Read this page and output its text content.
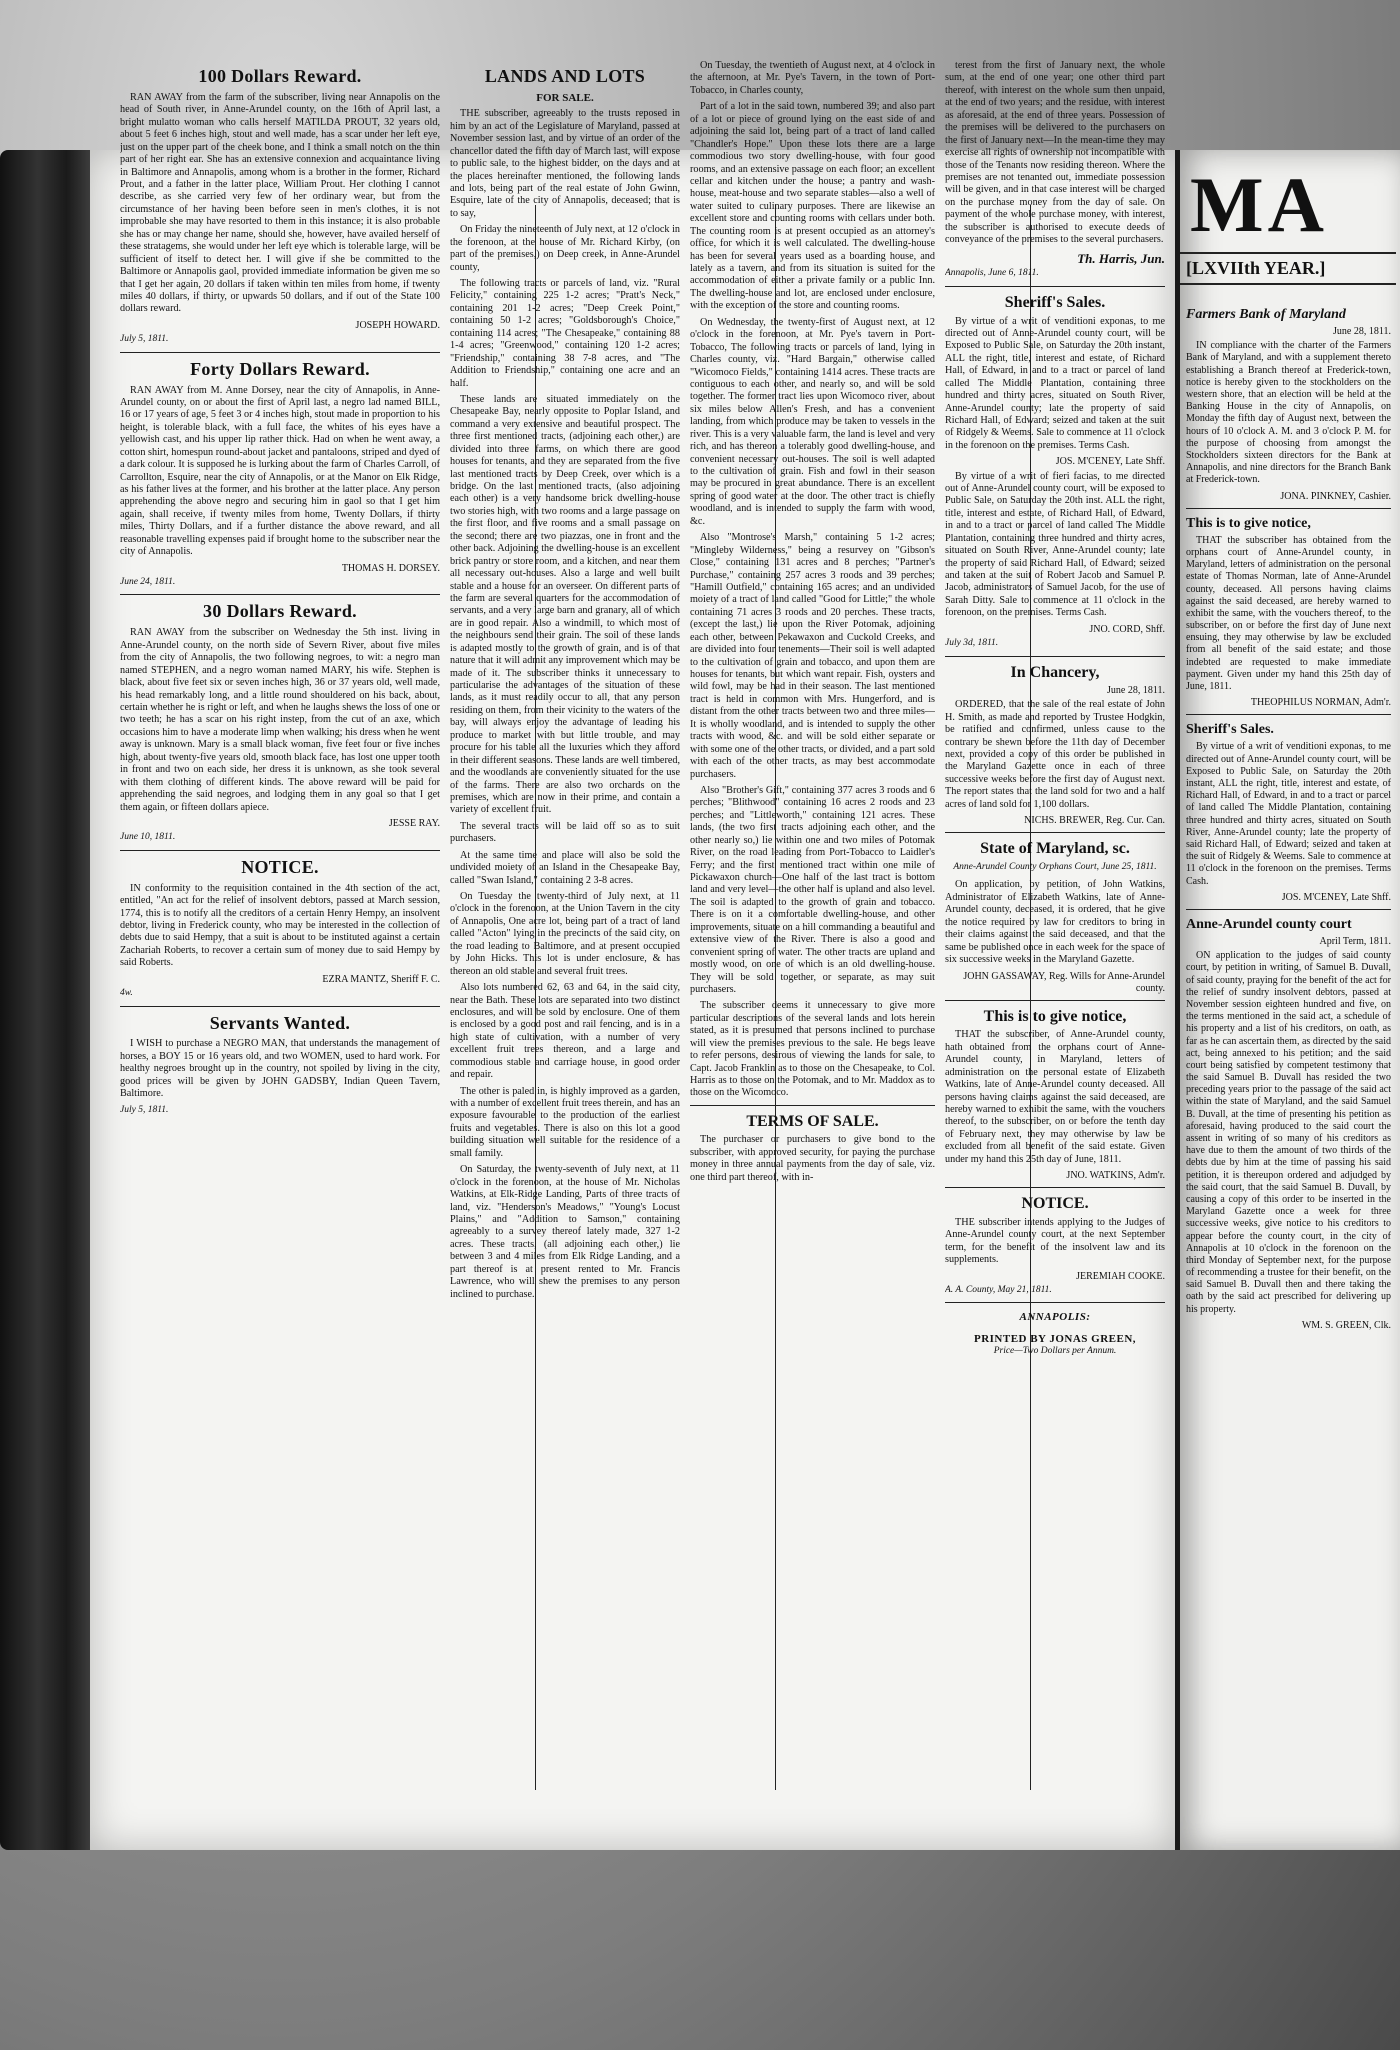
100 Dollars Reward.

RAN AWAY from the farm of the subscriber, living near Annapolis on the head of South river, in Anne-Arundel county, on the 16th of April last, a bright mulatto woman who calls herself MATILDA PROUT, 32 years old, about 5 feet 6 inches high, stout and well made, has a scar under her left eye, just on the upper part of the cheek bone, and I think a small notch on the thin part of her right ear. She has an extensive connexion and acquaintance living in Baltimore and Annapolis, among whom is a brother in the former, Richard Prout, and a father in the latter place, William Prout. Her clothing I cannot describe, as she carried very few of her ordinary wear, but from the circumstance of her having been before seen in men's clothes, it is not improbable she may have resorted to them in this instance; it is also probable she has or may change her name, should she, however, have availed herself of these stratagems, she would under her left eye which is tolerable large, will be sufficient of itself to detect her. I will give if she be committed to the Baltimore or Annapolis gaol, provided immediate information be given me so that I get her again, 20 dollars if taken within ten miles from home, if twenty miles 40 dollars, if thirty, or upwards 50 dollars, and if out of the State 100 dollars reward.

JOSEPH HOWARD.
July 5, 1811.
Forty Dollars Reward.

RAN AWAY from M. Anne Dorsey, near the city of Annapolis, in Anne-Arundel county, on or about the first of April last, a negro lad named BILL, 16 or 17 years of age, 5 feet 3 or 4 inches high, stout made in proportion to his height, is tolerable black, with a full face, the whites of his eyes have a yellowish cast, and his upper lip rather thick. Had on when he went away, a cotton shirt, homespun round-about jacket and pantaloons, striped and dyed of a dark colour. It is supposed he is lurking about the farm of Charles Carroll, of Carrollton, Esquire, near the city of Annapolis, or at the Manor on Elk Ridge, as his father lives at the former, and his brother at the latter place. Any person apprehending the above negro and securing him in gaol so that I get him again, shall receive, if twenty miles from home, Twenty Dollars, if thirty miles, Thirty Dollars, and if a further distance the above reward, and all reasonable travelling expenses paid if brought home to the subscriber near the city of Annapolis.

THOMAS H. DORSEY.
June 24, 1811.
30 Dollars Reward.

RAN AWAY from the subscriber on Wednesday the 5th inst. living in Anne-Arundel county, on the north side of Severn River, about five miles from the city of Annapolis, the two following negroes, to wit: a negro man named STEPHEN, and a negro woman named MARY, his wife. Stephen is black, about five feet six or seven inches high, 36 or 37 years old, well made, his head remarkably long, and a little round shouldered on his back, about, certain whether he is right or left, and when he laughs shews the loss of one or two teeth; he has a scar on his right instep, from the cut of an axe, which occasions him to have a moderate limp when walking; his dress when he went away is unknown. Mary is a small black woman, five feet four or five inches high, about twenty-five years old, smooth black face, has lost one upper tooth in front and two on each side, her dress it is unknown, as she took several with them clothing of different kinds. The above reward will be paid for apprehending the said negroes, and lodging them in any goal so that I get them again, or fifteen dollars apiece.

JESSE RAY.
June 10, 1811.
NOTICE.

IN conformity to the requisition contained in the 4th section of the act, entitled, "An act for the relief of insolvent debtors, passed at March session, 1774, this is to notify all the creditors of a certain Henry Hempy, an insolvent debtor, living in Frederick county, who may be interested in the collection of debts due to said Hempy, that a suit is about to be instituted against a certain Zachariah Roberts, to recover a certain sum of money due to said Hempy by said Roberts.

EZRA MANTZ, Sheriff F. C.
4w.
Servants Wanted.

I WISH to purchase a NEGRO MAN, that understands the management of horses, a BOY 15 or 16 years old, and two WOMEN, used to hard work. For healthy negroes brought up in the country, not spoiled by living in the city, good prices will be given by JOHN GADSBY, Indian Queen Tavern, Baltimore.

July 5, 1811.
LANDS AND LOTS
FOR SALE.

THE subscriber, agreeably to the trusts reposed in him by an act of the Legislature of Maryland, passed at November session last, and by virtue of an order of the chancellor dated the fifth day of March last, will expose to public sale, to the highest bidder, on the days and at the places hereinafter mentioned, the following lands and lots, being part of the real estate of John Gwinn, Esquire, late of the city of Annapolis, deceased; that is to say,

On Friday the nineteenth of July next, at 12 o'clock in the forenoon, at the house of Mr. Richard Kirby, (on part of the premises,) on Deep creek, in Anne-Arundel county,

The following tracts or parcels of land, viz. "Rural Felicity," containing 225 1-2 acres; "Pratt's Neck," containing 201 1-2 acres; "Deep Creek Point," containing 50 1-2 acres; "Goldsborough's Choice," containing 114 acres; "The Chesapeake," containing 88 1-4 acres; "Greenwood," containing 120 1-2 acres; "Friendship," containing 38 7-8 acres, and "The Addition to Friendship," containing one acre and an half.

These lands are situated immediately on the Chesapeake Bay, nearly opposite to Poplar Island, and command a very extensive and beautiful prospect. The three first mentioned tracts, (adjoining each other,) are divided into three farms, on which there are good houses for tenants, and they are separated from the five last mentioned tracts by Deep Creek, over which is a bridge. On the last mentioned tracts, (also adjoining each other) is a very handsome brick dwelling-house two stories high, with two rooms and a large passage on the first floor, and five rooms and a small passage on the second; there are two piazzas, one in front and the other back. Adjoining the dwelling-house is an excellent brick pantry or store room, and a kitchen, and near them all necessary out-houses. Also a large and well built stable and a house for an overseer. On different parts of the farm are several quarters for the accommodation of servants, and a very large barn and granary, all of which are in good repair. Also a windmill, to which most of the neighbours send their grain. The soil of these lands is adapted mostly to the growth of grain, and is of that nature that it will admit any improvement which may be made of it. The subscriber thinks it unnecessary to particularise the advantages of the situation of these lands, as it must readily occur to all, that any person residing on them, from their vicinity to the waters of the bay, will always enjoy the advantage of leading his produce to market with but little trouble, and may procure for his table all the luxuries which they afford in their different seasons. These lands are well timbered, and the woodlands are conveniently situated for the use of the farms. There are also two orchards on the premises, which are now in their prime, and contain a variety of excellent fruit.

The several tracts will be laid off so as to suit purchasers.

At the same time and place will also be sold the undivided moiety of an Island in the Chesapeake Bay, called "Swan Island," containing 2 3-8 acres.

On Tuesday the twenty-third of July next, at 11 o'clock in the forenoon, at the Union Tavern in the city of Annapolis, One acre lot, being part of a tract of land called "Acton" lying in the precincts of the said city, on the road leading to Baltimore, and at present occupied by John Hicks. This lot is under enclosure, & has thereon an old stable and several fruit trees.

Also lots numbered 62, 63 and 64, in the said city, near the Bath. These lots are separated into two distinct enclosures, and will be sold by enclosure. One of them is enclosed by a good post and rail fencing, and is in a high state of cultivation, with a number of very excellent fruit trees thereon, and a large and commodious stable and carriage house, in good order and repair.

The other is paled in, is highly improved as a garden, with a number of excellent fruit trees therein, and has an exposure favourable to the production of the earliest fruits and vegetables. There is also on this lot a good building situation well suitable for the residence of a small family.

On Saturday, the twenty-seventh of July next, at 11 o'clock in the forenoon, at the house of Mr. Nicholas Watkins, at Elk-Ridge Landing, Parts of three tracts of land, viz. "Henderson's Meadows," "Young's Locust Plains," and "Addition to Samson," containing agreeably to a survey thereof lately made, 327 1-2 acres. These tracts, (all adjoining each other,) lie between 3 and 4 miles from Elk Ridge Landing, and a part thereof is at present rented to Mr. Francis Lawrence, who will shew the premises to any person inclined to purchase.

On Tuesday, the twentieth of August next, at 4 o'clock in the afternoon, at Mr. Pye's Tavern, in the town of Port-Tobacco, in Charles county,

Part of a lot in the said town, numbered 39; and also part of a lot or piece of ground lying on the east side of and adjoining the said lot, being part of a tract of land called "Chandler's Hope." Upon these lots there are a large commodious two story dwelling-house, with four good rooms, and an extensive passage on each floor; an excellent cellar and kitchen under the house; a pantry and wash-house, meat-house and two separate stables—also a well of water suited to culinary purposes. There are likewise an excellent store and counting rooms with cellars under both. The counting room is at present occupied as an attorney's office, for which it is well calculated. The dwelling-house has been for several years used as a boarding house, and lately as a tavern, and from its situation is suited for the accommodation of either a private family or a public Inn. The dwelling-house and lot, are enclosed under enclosure, with the exception of the store and counting rooms.

On Wednesday, the twenty-first of August next, at 12 o'clock in the forenoon, at Mr. Pye's tavern in Port-Tobacco, The following tracts or parcels of land, lying in Charles county, viz. "Hard Bargain," otherwise called "Wicomoco Fields," containing 1414 acres. These tracts are contiguous to each other, and nearly so, and will be sold together. The former tract lies upon Wicomoco river, about six miles below Allen's Fresh, and has a convenient landing, from which produce may be taken to vessels in the river. This is a very valuable farm, the land is level and very rich, and has thereon a tolerably good dwelling-house, and convenient necessary out-houses. The soil is well adapted to the cultivation of grain. Fish and fowl in their season may be procured in great abundance. There is an excellent spring of good water at the door. The other tract is chiefly woodland, and is intended to supply the farm with wood, &c.

Also "Montrose's Marsh," containing 5 1-2 acres; "Mingleby Wilderness," being a resurvey on "Gibson's Close," containing 131 acres and 8 perches; "Partner's Purchase," containing 257 acres 3 roods and 39 perches; "Hamill Outfield," containing 165 acres; and an undivided moiety of a tract of land called "Good for Little;" the whole containing 71 acres 3 roods and 20 perches. These tracts, (except the last,) lie upon the River Potomak, adjoining each other, between Pekawaxon and Cuckold Creeks, and are divided into four tenements—Their soil is well adapted to the cultivation of grain and tobacco, and upon them are houses for tenants, but which want repair. Fish, oysters and wild fowl, may be had in their season. The last mentioned tract is held in common with Mrs. Hungerford, and is distant from the other tracts between two and three miles—It is wholly woodland, and is intended to supply the other tracts with wood, &c. and will be sold either separate or with some one of the other tracts, or divided, and a part sold with each of the other tracts, as may best accommodate purchasers.

Also "Brother's Gift," containing 377 acres 3 roods and 6 perches; "Blithwood" containing 16 acres 2 roods and 23 perches; and "Littleworth," containing 121 acres. These lands, (the two first tracts adjoining each other, and the other nearly so,) lie within one and two miles of Potomak River, on the road leading from Port-Tobacco to Laidler's Ferry; and the first mentioned tract within one mile of Pickawaxon church—One half of the last tract is bottom land and very level—the other half is upland and also level. The soil is adapted to the growth of grain and tobacco. There is on it a comfortable dwelling-house, and other improvements, situate on a hill commanding a beautiful and extensive view of the River. There is also a good and convenient spring of water. The other tracts are upland and mostly wood, on one of which is an old dwelling-house. They will be sold together, or separate, as may suit purchasers.

The subscriber deems it unnecessary to give more particular descriptions of the several lands and lots herein stated, as it is presumed that persons inclined to purchase will view the premises previous to the sale. He begs leave to refer persons, desirous of viewing the lands for sale, to Capt. Jacob Franklin as to those on the Chesapeake, to Col. Harris as to those on the Potomak, and to Mr. Maddox as to those on the Wicomoco.

TERMS OF SALE.

The purchaser or purchasers to give bond to the subscriber, with approved security, for paying the purchase money in three annual payments from the day of sale, viz. one third part thereof, with in-

terest from the first of January next, the whole sum, at the end of one year; one other third part thereof, with interest on the whole sum then unpaid, at the end of two years; and the residue, with interest as aforesaid, at the end of three years. Possession of the premises will be delivered to the purchasers on the first of January next—In the mean-time they may exercise all rights of ownership not incompatible with those of the Tenants now residing thereon. Where the premises are not tenanted out, immediate possession will be given, and in that case interest will be charged on the purchase money from the day of sale. On payment of the whole purchase money, with interest, the subscriber is authorised to execute deeds of conveyance of the premises to the several purchasers.

Th. Harris, Jun.
Annapolis, June 6, 1811.
Sheriff's Sales.

By virtue of a writ of venditioni exponas, to me directed out of Anne-Arundel county court, will be Exposed to Public Sale, on Saturday the 20th instant, ALL the right, title, interest and estate, of Richard Hall, of Edward, in and to a tract or parcel of land called The Middle Plantation, containing three hundred and thirty acres, situated on South River, Anne-Arundel county; late the property of said Richard Hall, of Edward; seized and taken at the suit of Ridgely & Weems. Sale to commence at 11 o'clock in the forenoon on the premises. Terms Cash.

JOS. M'CENEY, Late Shff.

By virtue of a writ of fieri facias, to me directed out of Anne-Arundel county court, will be exposed to Public Sale, on Saturday the 20th inst. ALL the right, title, interest and estate, of Richard Hall, of Edward, in and to a tract or parcel of land called The Middle Plantation, containing three hundred and thirty acres, situated on South River, Anne-Arundel county; late the property of said Richard Hall, of Edward; seized and taken at the suit of Robert Jacob and Samuel P. Jacob, administrators of Samuel Jacob, for the use of Sarah Ditty. Sale to commence at 11 o'clock in the forenoon, on the premises. Terms Cash.

JNO. CORD, Shff.
July 3d, 1811.
In Chancery,
June 28, 1811.

ORDERED, that the sale of the real estate of John H. Smith, as made and reported by Trustee Hodgkin, be ratified and confirmed, unless cause to the contrary be shewn before the 11th day of December next, provided a copy of this order be published in the Maryland Gazette once in each of three successive weeks before the first day of August next. The report states that the land sold for two and a half acres of land sold for 1,100 dollars.

NICHS. BREWER, Reg. Cur. Can.
State of Maryland, sc.
Anne-Arundel County Orphans Court, June 25, 1811.

On application, by petition, of John Watkins, Administrator of Elizabeth Watkins, late of Anne-Arundel county, deceased, it is ordered, that he give the notice required by law for creditors to bring in their claims against the said deceased, and that the same be published once in each week for the space of six successive weeks in the Maryland Gazette.

JOHN GASSAWAY, Reg. Wills for Anne-Arundel county.
This is to give notice,

THAT the subscriber, of Anne-Arundel county, hath obtained from the orphans court of Anne-Arundel county, in Maryland, letters of administration on the personal estate of Elizabeth Watkins, late of Anne-Arundel county deceased. All persons having claims against the said deceased, are hereby warned to exhibit the same, with the vouchers thereof, to the subscriber, on or before the tenth day of February next, they may otherwise by law be excluded from all benefit of the said estate. Given under my hand this 25th day of June, 1811.

JNO. WATKINS, Adm'r.
NOTICE.

THE subscriber intends applying to the Judges of Anne-Arundel county court, at the next September term, for the benefit of the insolvent law and its supplements.

JEREMIAH COOKE.
A. A. County, May 21, 1811.
ANNAPOLIS:
PRINTED BY JONAS GREEN,
Price—Two Dollars per Annum.
MA
[LXVIIth YEAR.]
Farmers Bank of Maryland
June 28, 1811.

IN compliance with the charter of the Farmers Bank of Maryland, and with a supplement thereto establishing a Branch thereof at Frederick-town, notice is hereby given to the stockholders on the western shore, that an election will be held at the Banking House in the city of Annapolis, on Monday the fifth day of August next, between the hours of 10 o'clock A. M. and 3 o'clock P. M. for the purpose of choosing from amongst the Stockholders sixteen directors for the Bank at Annapolis, and nine directors for the Branch Bank at Frederick-town.

JONA. PINKNEY, Cashier.
This is to give notice,

THAT the subscriber has obtained from the orphans court of Anne-Arundel county, in Maryland, letters of administration on the personal estate of Thomas Norman, late of Anne-Arundel county, deceased. All persons having claims against the said deceased, are hereby warned to exhibit the same, with the vouchers thereof, to the subscriber, on or before the first day of June next ensuing, they may otherwise by law be excluded from all benefit of the said estate; and those indebted are requested to make immediate payment. Given under my hand this 25th day of June, 1811.

THEOPHILUS NORMAN, Adm'r.
Sheriff's Sales.

By virtue of a writ of venditioni exponas, to me directed out of Anne-Arundel county court, will be Exposed to Public Sale, on Saturday the 20th instant, ALL the right, title, interest and estate, of Richard Hall, of Edward, in and to a tract or parcel of land called The Middle Plantation, containing three hundred and thirty acres, situated on South River, Anne-Arundel county; late the property of said Richard Hall, of Edward; seized and taken at the suit of Ridgely & Weems. Sale to commence at 11 o'clock in the forenoon on the premises. Terms Cash.

JOS. M'CENEY, Late Shff.
Anne-Arundel county court
April Term, 1811.

ON application to the judges of said county court, by petition in writing, of Samuel B. Duvall, of said county, praying for the benefit of the act for the relief of sundry insolvent debtors, passed at November session eighteen hundred and five, on the terms mentioned in the said act, a schedule of his property and a list of his creditors, on oath, as far as he can ascertain them, as directed by the said act, being annexed to his petition; and the said court being satisfied by competent testimony that the said Samuel B. Duvall has resided the two preceding years prior to the passage of the said act within the state of Maryland, and the said Samuel B. Duvall, at the time of presenting his petition as aforesaid, having produced to the said court the assent in writing of so many of his creditors as have due to them the amount of two thirds of the debts due by him at the time of passing his said petition, it is thereupon ordered and adjudged by the said court, that the said Samuel B. Duvall, by causing a copy of this order to be inserted in the Maryland Gazette once a week for three successive weeks, give notice to his creditors to appear before the county court, in the city of Annapolis at 10 o'clock in the forenoon on the third Monday of September next, for the purpose of recommending a trustee for their benefit, on the said Samuel B. Duvall then and there taking the oath by the said act prescribed for delivering up his property.

WM. S. GREEN, Clk.
